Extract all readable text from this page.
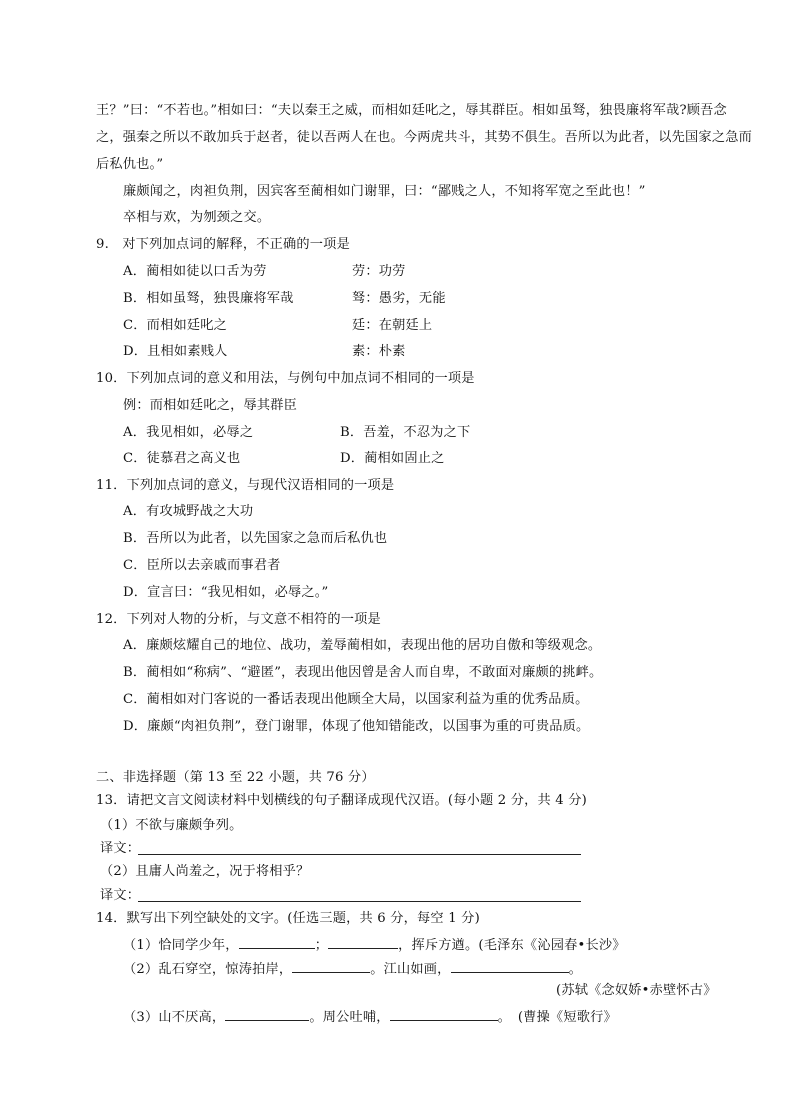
王？”曰：“不若也。”相如曰：“夫以秦王之威，而相如廷叱之，辱其群臣。相如虽驽，独畏廉将军哉?顾吾念
之，强秦之所以不敢加兵于赵者，徒以吾两人在也。今两虎共斗，其势不俱生。吾所以为此者，以先国家之急而
后私仇也。”
廉颇闻之，肉袒负荆，因宾客至蔺相如门谢罪，曰：“鄙贱之人，不知将军宽之至此也！”
卒相与欢，为刎颈之交。
9.　对下列加点词的解释，不正确的一项是
A．蔺相如徒以口舌为劳	劳：功劳
B．相如虽驽，独畏廉将军哉	驽：愚劣，无能
C．而相如廷叱之	廷：在朝廷上
D．且相如素贱人	素：朴素
10．下列加点词的意义和用法，与例句中加点词不相同的一项是
例：而相如廷叱之，辱其群臣
A．我见相如，必辱之	B．吾羞，不忍为之下
C．徒慕君之高义也	D．蔺相如固止之
11．下列加点词的意义，与现代汉语相同的一项是
A．有攻城野战之大功
B．吾所以为此者，以先国家之急而后私仇也
C．臣所以去亲戚而事君者
D．宣言曰：“我见相如，必辱之。”
12．下列对人物的分析，与文意不相符的一项是
A．廉颇炫耀自己的地位、战功，羞辱蔺相如，表现出他的居功自傲和等级观念。
B．蔺相如“称病”、“避匿”，表现出他因曾是舍人而自卑，不敢面对廉颇的挑衅。
C．蔺相如对门客说的一番话表现出他顾全大局，以国家利益为重的优秀品质。
D．廉颇“肉袒负荆”，登门谢罪，体现了他知错能改，以国事为重的可贵品质。
二、非选择题（第 13 至 22 小题，共 76 分）
13．请把文言文阅读材料中划横线的句子翻译成现代汉语。(每小题 2 分，共 4 分)
（1）不欲与廉颇争列。
译文：
（2）且庸人尚羞之，况于将相乎？
译文：
14．默写出下列空缺处的文字。(任选三题，共 6 分，每空 1 分)
（1）恰同学少年，	；	，挥斥方遒。(毛泽东《沁园春•长沙》
（2）乱石穿空，惊涛拍岸，	。江山如画，	。
(苏轼《念奴娇•赤壁怀古》
（3）山不厌高，	。周公吐哺，	。　(曹操《短歌行》
